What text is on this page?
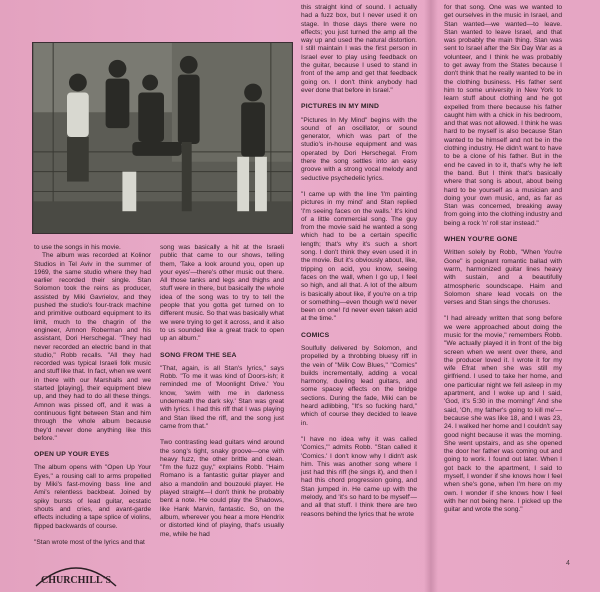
to use the songs in his movie.

The album was recorded at Kolinor Studios in Tel Aviv in the summer of 1969, the same studio where they had earlier recorded their single. Stan Solomon took the reins as producer, assisted by Miki Gavrielov, and they pushed the studio's four-track machine and primitive outboard equipment to its limit, much to the chagrin of the engineer, Amnon Roberman and his assistant, Dori Herschegal. "They had never recorded an electric band in that studio," Robb recalls. "All they had recorded was typical Israeli folk music and stuff like that. In fact, when we went in there with our Marshalls and we started [playing], their equipment blew up, and they had to do all these things. Amnon was pissed off, and it was a continuous fight between Stan and him through the whole album because they'd never done anything like this before."

OPEN UP YOUR EYES

The album opens with "Open Up Your Eyes," a rousing call to arms propelled by Miki's fast-moving bass line and Ami's relentless backbeat. Joined by spiky bursts of lead guitar, ecstatic shouts and cries, and avant-garde effects including a tape splice of violins, flipped backwards of course.

"Stan wrote most of the lyrics and that

song was basically a hit at the Israeli public that came to our shows, telling them, 'Take a look around you, open up your eyes'—there's other music out there. All those tanks and legs and thighs and stuff were in there, but basically the whole idea of the song was to try to tell the people that you gotta get turned on to different music. So that was basically what we were trying to get it across, and it also to us sounded like a great track to open up an album."

SONG FROM THE SEA

"That, again, is all Stan's lyrics," says Robb. "To me it was kind of Doors-ish; it reminded me of 'Moonlight Drive.' You know, 'swim with me in darkness underneath the dark sky.' Stan was great with lyrics. I had this riff that I was playing and Stan liked the riff, and the song just came from that."

Two contrasting lead guitars wind around the song's tight, snaky groove—one with heavy fuzz, the other brittle and clean. "I'm the fuzz guy," explains Robb. "Haim Romano is a fantastic guitar player and also a mandolin and bouzouki player. He played straight—I don't think he probably bent a note. He could play the Shadows, like Hank Marvin, fantastic. So, on the album, wherever you hear a more Hendrix or distorted kind of playing, that's usually me, while he had

this straight kind of sound. I actually had a fuzz box, but I never used it on stage. In those days there were no effects; you just turned the amp all the way up and used the natural distortion. I still maintain I was the first person in Israel ever to play using feedback on the guitar, because I used to stand in front of the amp and get that feedback going on. I don't think anybody had ever done that before in Israel."

PICTURES IN MY MIND

"Pictures In My Mind" begins with the sound of an oscillator, or sound generator, which was part of the studio's in-house equipment and was operated by Dori Herschegal. From there the song settles into an easy groove with a strong vocal melody and seductive psychedelic lyrics.

"I came up with the line 'I'm painting pictures in my mind' and Stan replied 'I'm seeing faces on the walls.' It's kind of a little commercial song. The guy from the movie said he wanted a song which had to be a certain specific length; that's why it's such a short song. I don't think they even used it in the movie. But it's obviously about, like, tripping on acid, you know, seeing faces on the wall, when I go up, I feel so high, and all that. A lot of the album is basically about like, if you're on a trip or something—even though we'd never been on one! I'd never even taken acid at the time."

COMICS

Soulfully delivered by Solomon, and propelled by a throbbing bluesy riff in the vein of "Milk Cow Blues," "Comics" builds incrementally, adding a vocal harmony, dueling lead guitars, and some spacey effects on the bridge sections. During the fade, Miki can be heard adlibbing, "It's so fucking hard," which of course they decided to leave in.

"I have no idea why it was called 'Comics,'" admits Robb. "Stan called it 'Comics.' I don't know why I didn't ask him. This was another song where I just had this riff (he sings it), and then I had this chord progression going, and Stan jumped in. He came up with the melody, and 'it's so hard to be myself'—and all that stuff. I think there are two reasons behind the lyrics that he wrote

for that song. One was we wanted to get ourselves in the music in Israel, and Stan wanted—we wanted—to leave. Stan wanted to leave Israel, and that was probably the main thing. Stan was sent to Israel after the Six Day War as a volunteer, and I think he was probably to get away from the States because I don't think that he really wanted to be in the clothing business. His father sent him to some university in New York to learn stuff about clothing and he got expelled from there because his father caught him with a chick in his bedroom, and that was not allowed. I think he was hard to be myself is also because Stan wanted to be himself and not be in the clothing industry. He didn't want to have to be a clone of his father. But in the end he caved in to it, that's why he left the band. But I think that's basically where that song is about, about being hard to be yourself as a musician and doing your own music, and, as far as Stan was concerned, breaking away from going into the clothing industry and being a rock 'n' roll star instead."

WHEN YOU'RE GONE

Written solely by Robb, "When You're Gone" is poignant romantic ballad with warm, harmonized guitar lines heavy with sustain, and a beautifully atmospheric soundscape. Haim and Solomon share lead vocals on the verses and Stan sings the choruses.

"I had already written that song before we were approached about doing the music for the movie," remembers Robb. "We actually played it in front of the big screen when we went over there, and the producer loved it. I wrote it for my wife Efrat when she was still my girlfriend. I used to take her home, and one particular night we fell asleep in my apartment, and I woke up and I said, 'God, it's 5:30 in the morning!' And she said, 'Oh, my father's going to kill me'—because she was like 18, and I was 23, 24. I walked her home and I couldn't say good night because it was the morning. She went upstairs, and as she opened the door her father was coming out and going to work. I found out later. When I got back to the apartment, I said to myself, I wonder if she knows how I feel when she's gone, when I'm here on my own. I wonder if she knows how I feel with her not being here. I picked up the guitar and wrote the song."

CHURCHILL'S
4
